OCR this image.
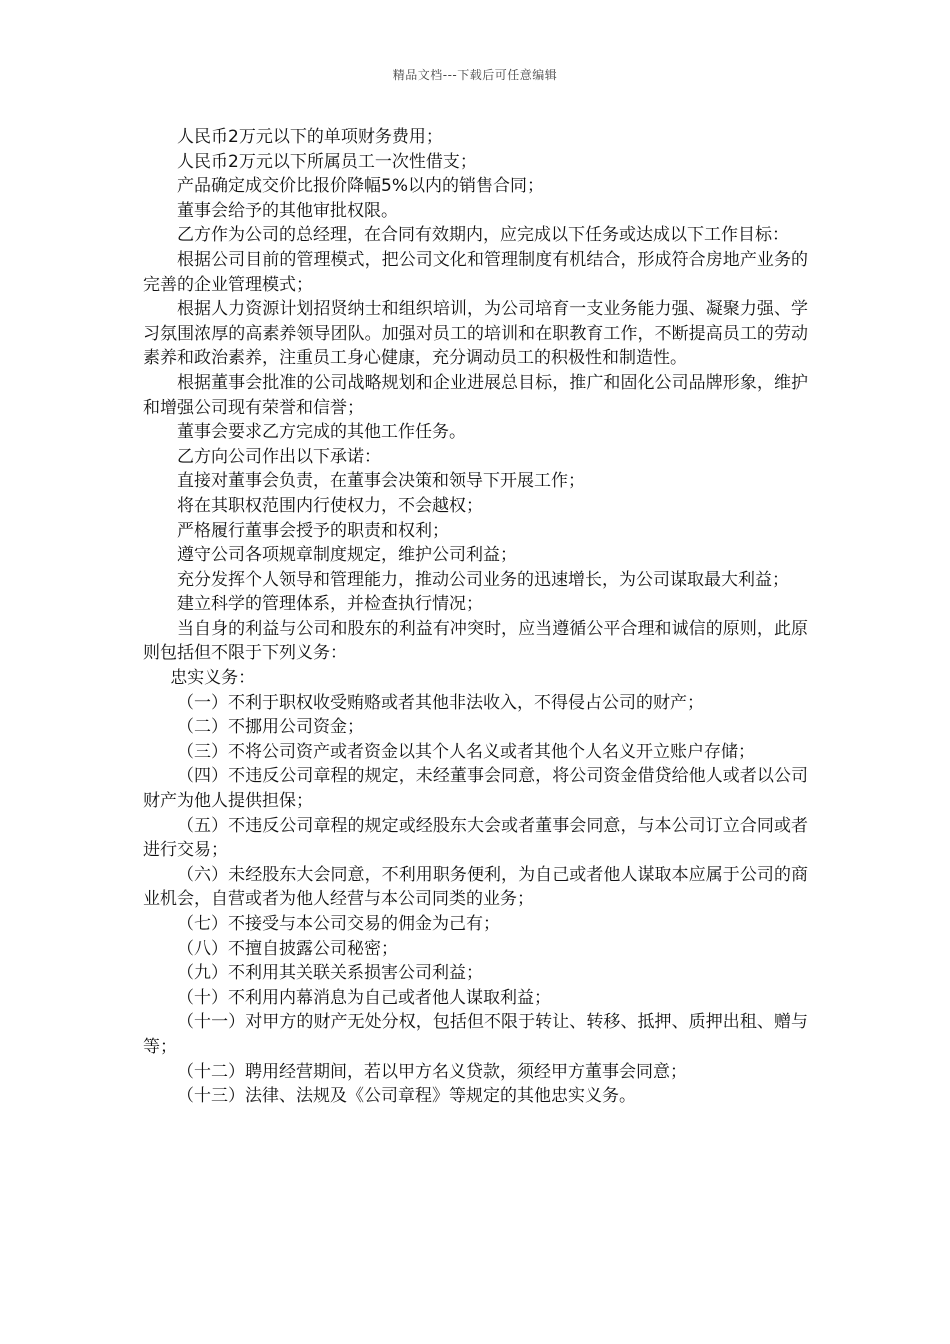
精品文档---下载后可任意编辑

人民币2万元以下的单项财务费用；

人民币2万元以下所属员工一次性借支；

产品确定成交价比报价降幅5%以内的销售合同；

董事会给予的其他审批权限。

乙方作为公司的总经理，在合同有效期内，应完成以下任务或达成以下工作目标：

根据公司目前的管理模式，把公司文化和管理制度有机结合，形成符合房地产业务的完善的企业管理模式；

根据人力资源计划招贤纳士和组织培训，为公司培育一支业务能力强、凝聚力强、学习氛围浓厚的高素养领导团队。加强对员工的培训和在职教育工作，不断提高员工的劳动素养和政治素养，注重员工身心健康，充分调动员工的积极性和制造性。

根据董事会批准的公司战略规划和企业进展总目标，推广和固化公司品牌形象，维护和增强公司现有荣誉和信誉；

董事会要求乙方完成的其他工作任务。

乙方向公司作出以下承诺：

直接对董事会负责，在董事会决策和领导下开展工作；

将在其职权范围内行使权力，不会越权；

严格履行董事会授予的职责和权利；

遵守公司各项规章制度规定，维护公司利益；

充分发挥个人领导和管理能力，推动公司业务的迅速增长，为公司谋取最大利益；

建立科学的管理体系，并检查执行情况；

当自身的利益与公司和股东的利益有冲突时，应当遵循公平合理和诚信的原则，此原则包括但不限于下列义务：

忠实义务：

（一）不利于职权收受贿赂或者其他非法收入，不得侵占公司的财产；

（二）不挪用公司资金；

（三）不将公司资产或者资金以其个人名义或者其他个人名义开立账户存储；

（四）不违反公司章程的规定，未经董事会同意，将公司资金借贷给他人或者以公司财产为他人提供担保；

（五）不违反公司章程的规定或经股东大会或者董事会同意，与本公司订立合同或者进行交易；

（六）未经股东大会同意，不利用职务便利，为自己或者他人谋取本应属于公司的商业机会，自营或者为他人经营与本公司同类的业务；

（七）不接受与本公司交易的佣金为己有；

（八）不擅自披露公司秘密；

（九）不利用其关联关系损害公司利益；

（十）不利用内幕消息为自己或者他人谋取利益；

（十一）对甲方的财产无处分权，包括但不限于转让、转移、抵押、质押出租、赠与等；

（十二）聘用经营期间，若以甲方名义贷款，须经甲方董事会同意；

（十三）法律、法规及《公司章程》等规定的其他忠实义务。
